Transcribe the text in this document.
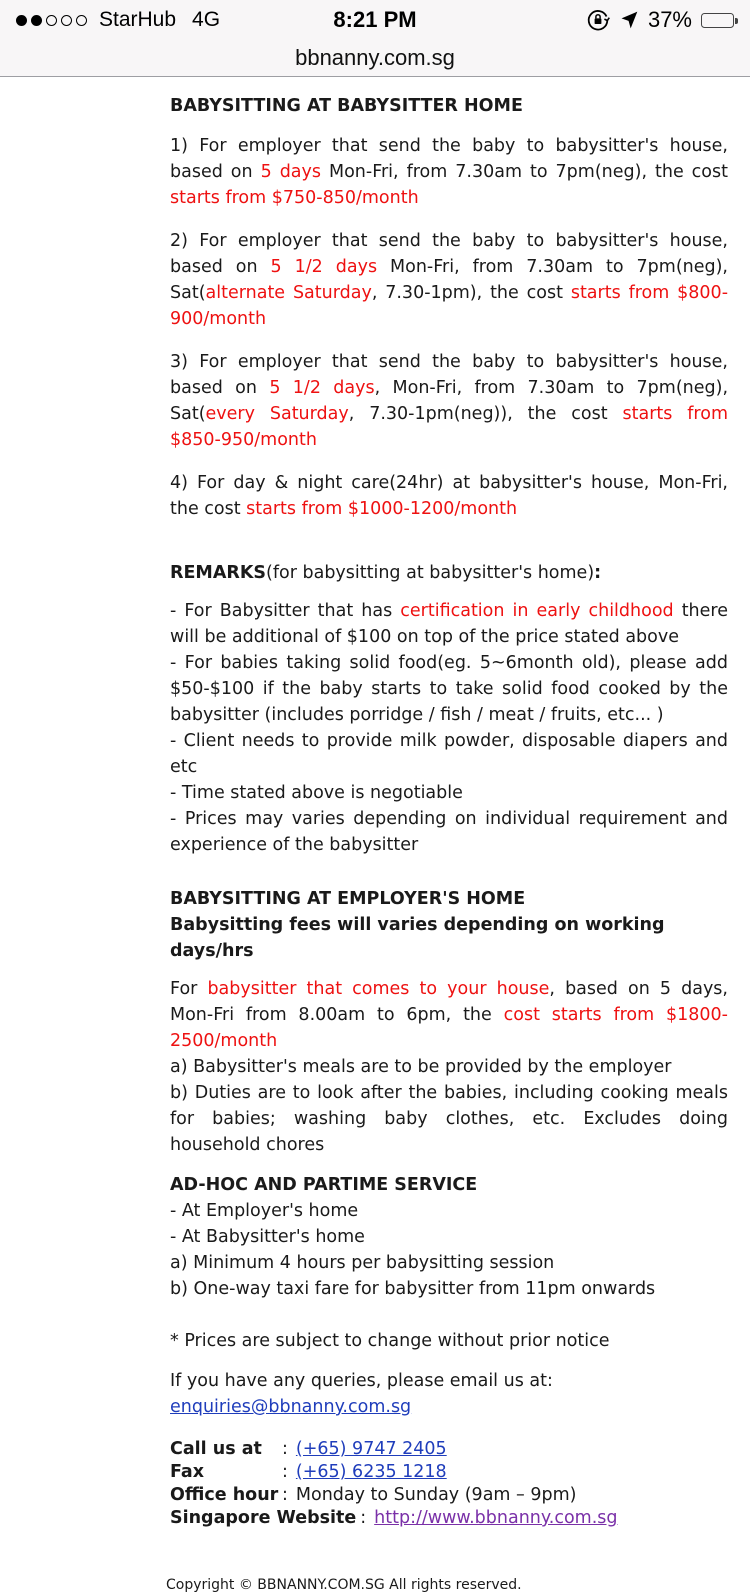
StarHub 4G	8:21 PM	37%
bbnanny.com.sg
BABYSITTING AT BABYSITTER HOME
1) For employer that send the baby to babysitter's house, based on 5 days Mon-Fri, from 7.30am to 7pm(neg), the cost starts from $750-850/month
2) For employer that send the baby to babysitter's house, based on 5 1/2 days Mon-Fri, from 7.30am to 7pm(neg), Sat(alternate Saturday, 7.30-1pm), the cost starts from $800-900/month
3) For employer that send the baby to babysitter's house, based on 5 1/2 days, Mon-Fri, from 7.30am to 7pm(neg), Sat(every Saturday, 7.30-1pm(neg)), the cost starts from $850-950/month
4) For day & night care(24hr) at babysitter's house, Mon-Fri, the cost starts from $1000-1200/month
REMARKS(for babysitting at babysitter's home):
- For Babysitter that has certification in early childhood there will be additional of $100 on top of the price stated above
- For babies taking solid food(eg. 5~6month old), please add $50-$100 if the baby starts to take solid food cooked by the babysitter (includes porridge / fish / meat / fruits, etc... )
- Client needs to provide milk powder, disposable diapers and etc
- Time stated above is negotiable
- Prices may varies depending on individual requirement and experience of the babysitter
BABYSITTING AT EMPLOYER'S HOME
Babysitting fees will varies depending on working days/hrs
For babysitter that comes to your house, based on 5 days, Mon-Fri from 8.00am to 6pm, the cost starts from $1800-2500/month
a) Babysitter's meals are to be provided by the employer
b) Duties are to look after the babies, including cooking meals for babies; washing baby clothes, etc. Excludes doing household chores
AD-HOC AND PARTIME SERVICE
- At Employer's home
- At Babysitter's home
a) Minimum 4 hours per babysitting session
b) One-way taxi fare for babysitter from 11pm onwards
* Prices are subject to change without prior notice
If you have any queries, please email us at:
enquiries@bbnanny.com.sg
Call us at : (+65) 9747 2405
Fax	: (+65) 6235 1218
Office hour : Monday to Sunday (9am – 9pm)
Singapore Website : http://www.bbnanny.com.sg
Copyright © BBNANNY.COM.SG All rights reserved.
